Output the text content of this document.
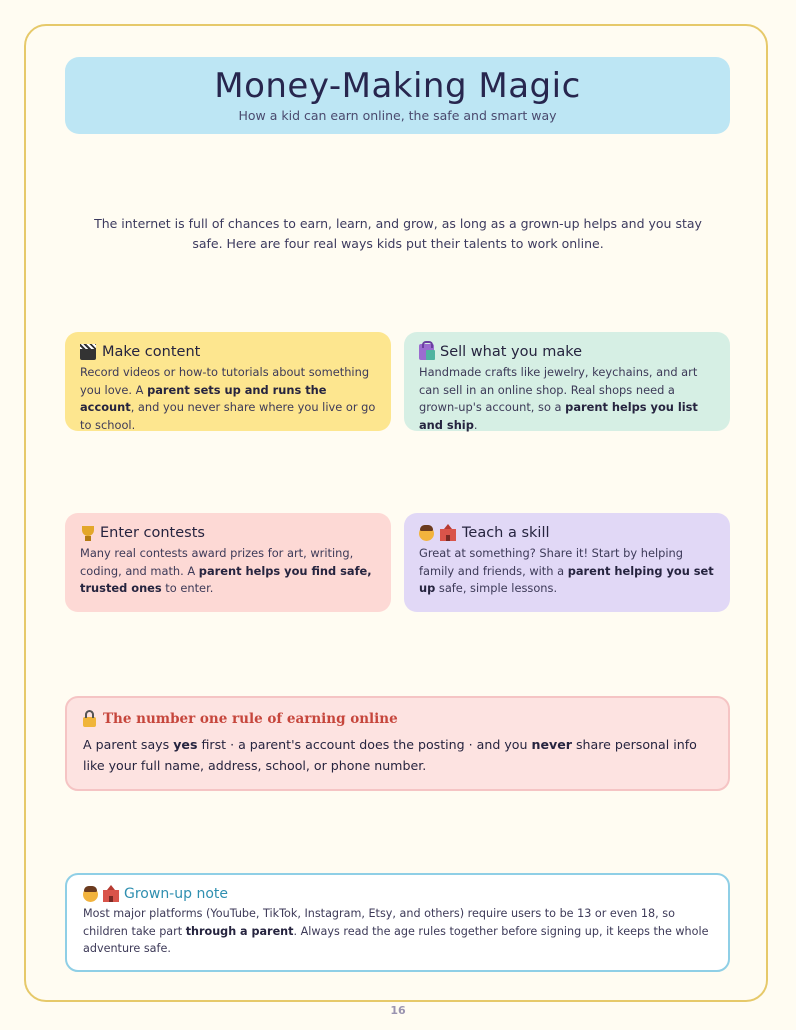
Money-Making Magic
How a kid can earn online, the safe and smart way
The internet is full of chances to earn, learn, and grow, as long as a grown-up helps and you stay safe. Here are four real ways kids put their talents to work online.
Make content
Record videos or how-to tutorials about something you love. A parent sets up and runs the account, and you never share where you live or go to school.
Sell what you make
Handmade crafts like jewelry, keychains, and art can sell in an online shop. Real shops need a grown-up's account, so a parent helps you list and ship.
Enter contests
Many real contests award prizes for art, writing, coding, and math. A parent helps you find safe, trusted ones to enter.
Teach a skill
Great at something? Share it! Start by helping family and friends, with a parent helping you set up safe, simple lessons.
The number one rule of earning online
A parent says yes first · a parent's account does the posting · and you never share personal info like your full name, address, school, or phone number.
Grown-up note
Most major platforms (YouTube, TikTok, Instagram, Etsy, and others) require users to be 13 or even 18, so children take part through a parent. Always read the age rules together before signing up, it keeps the whole adventure safe.
16
